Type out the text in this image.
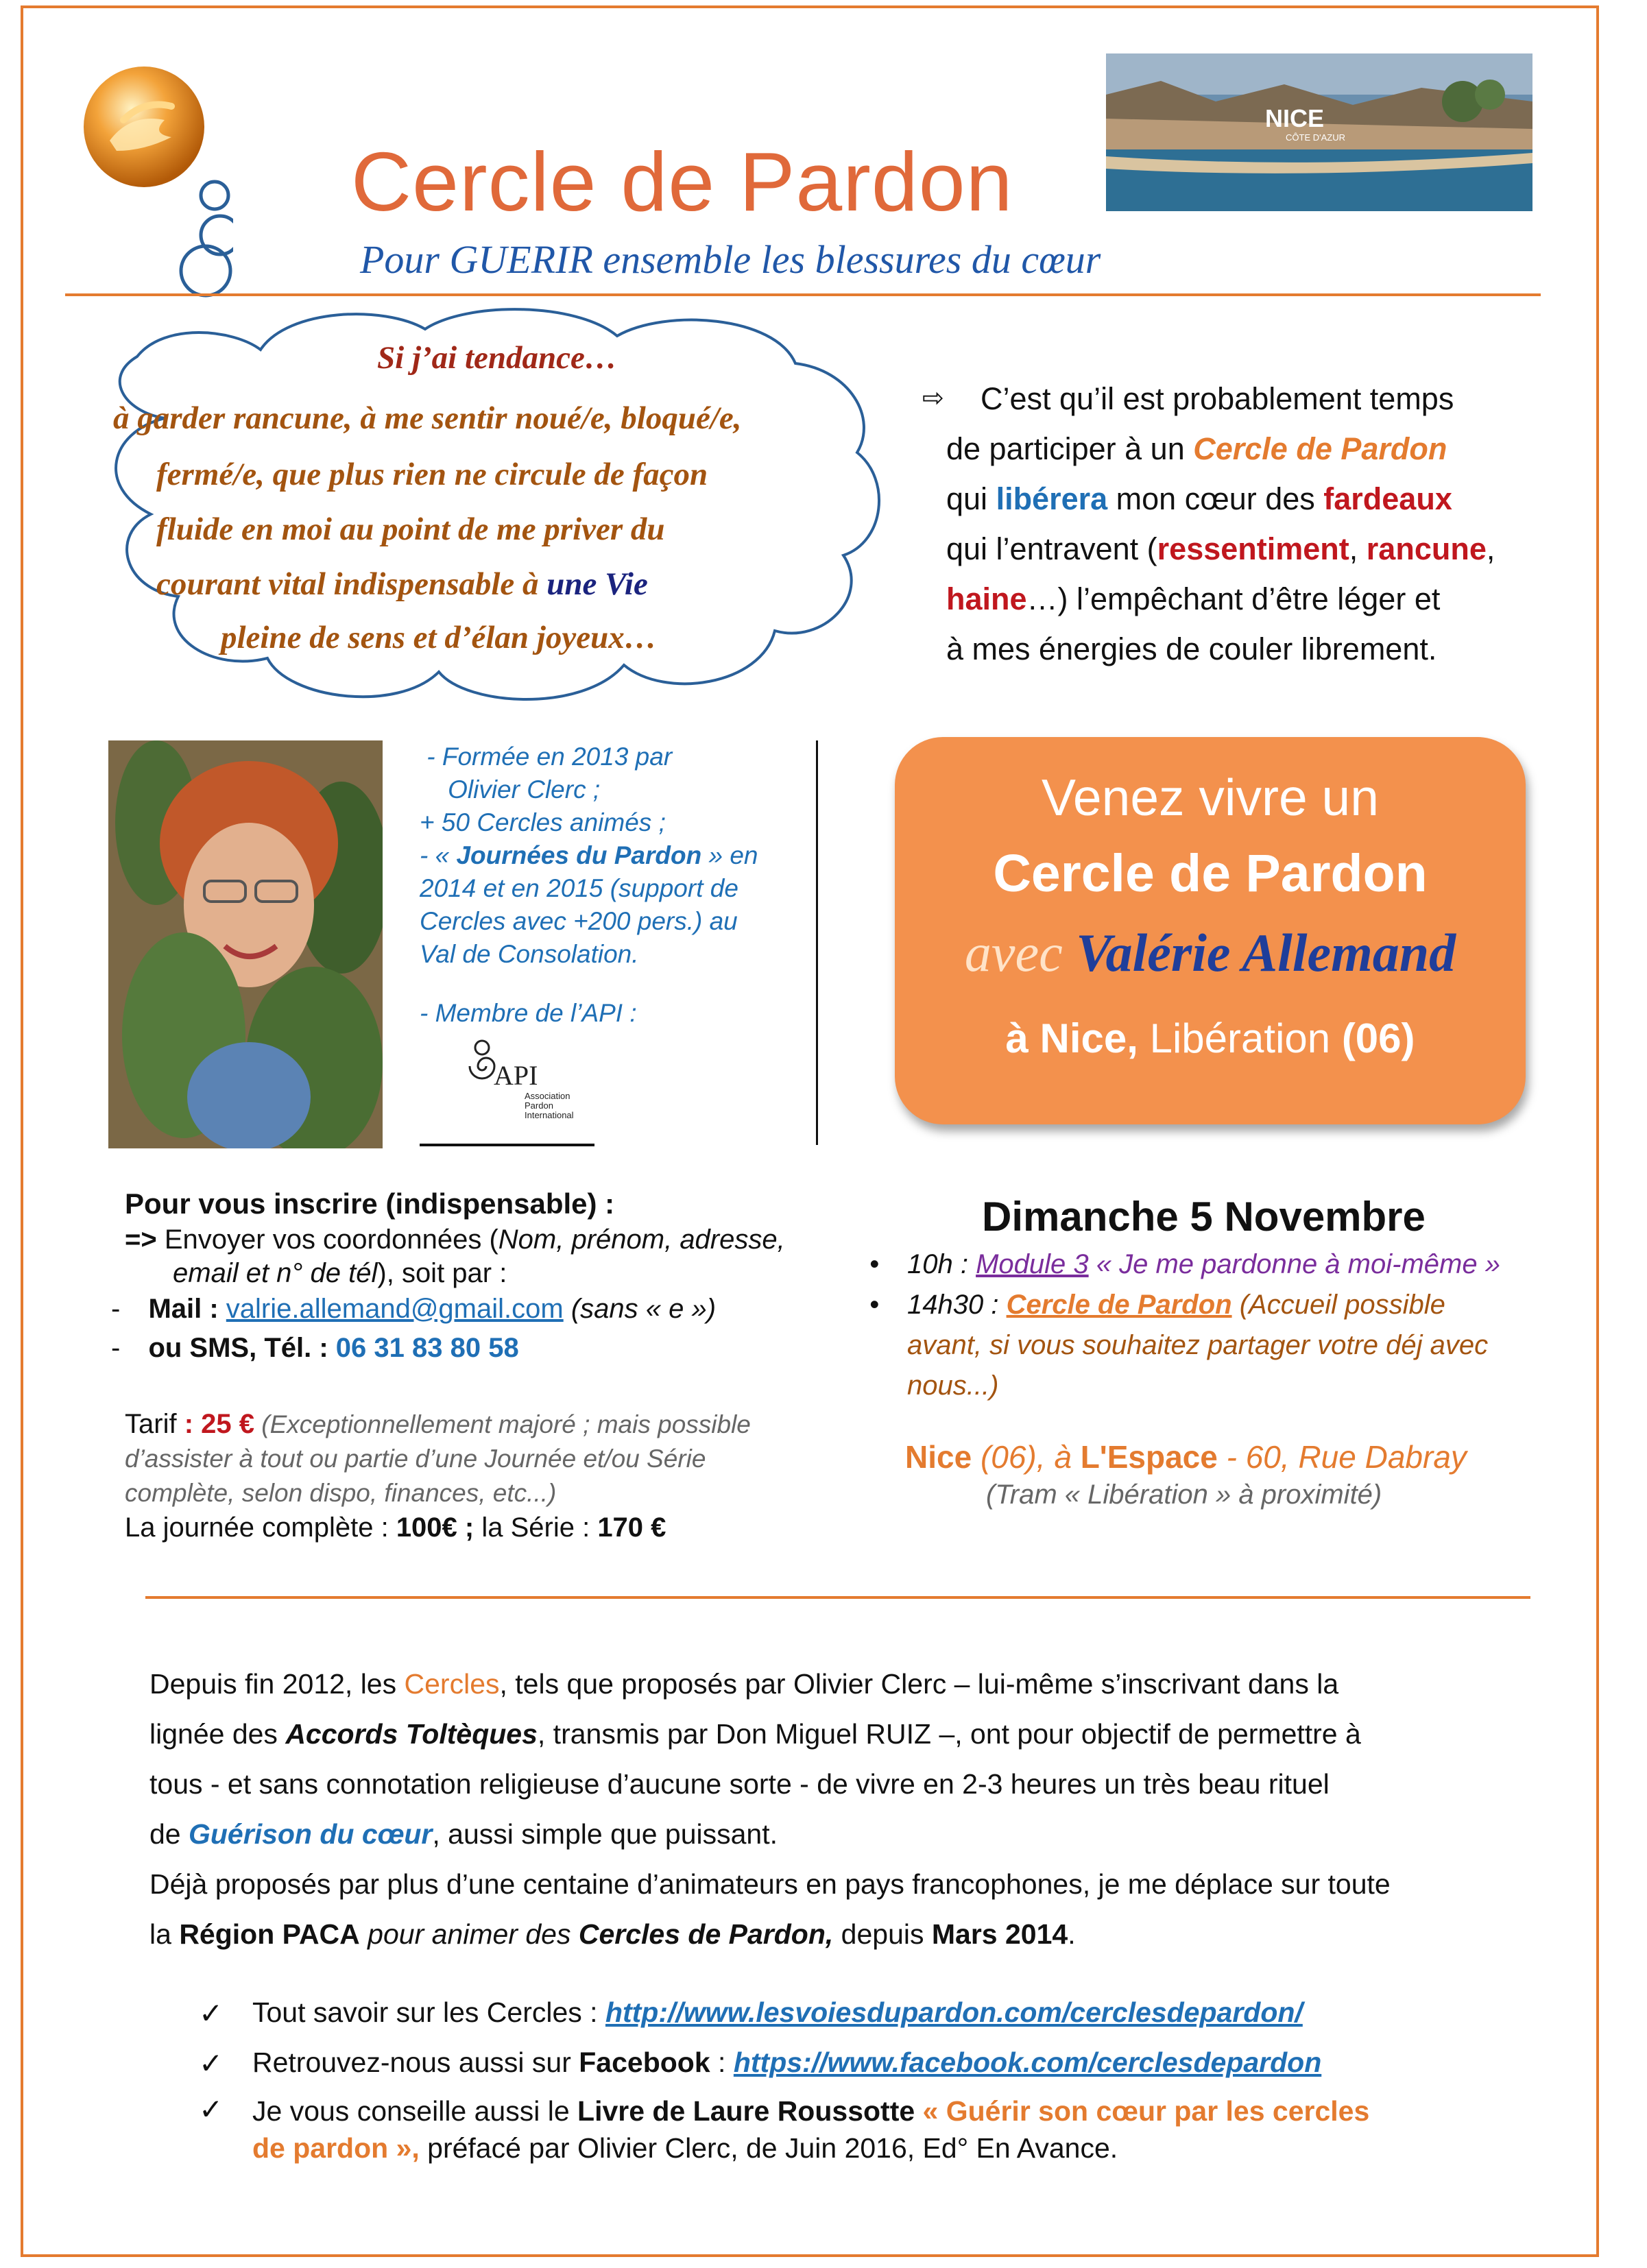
Cercle de Pardon
Pour GUERIR ensemble les blessures du cœur
NICE
CÔTE D'AZUR
Si j’ai tendance…
à garder rancune, à me sentir noué/e, bloqué/e,
fermé/e, que plus rien ne circule de façon
fluide en moi au point de me priver du
courant vital indispensable à une Vie
pleine de sens et d’élan joyeux…
⇨	C’est qu’il est probablement temps
de participer à un Cercle de Pardon
qui libérera mon cœur des fardeaux
qui l’entravent (ressentiment, rancune,
haine…) l’empêchant d’être léger et
à mes énergies de couler librement.
- Formée en 2013 par
Olivier Clerc ;
+ 50 Cercles animés ;
- « Journées du Pardon » en
2014 et en 2015 (support de
Cercles avec +200 pers.) au
Val de Consolation.
- Membre de l’API :
API
Association
Pardon
International
Venez vivre un
Cercle de Pardon
avec Valérie Allemand
à Nice, Libération (06)
Pour vous inscrire (indispensable) :
=> Envoyer vos coordonnées (Nom, prénom, adresse,
email et n° de tél), soit par :
- Mail : valrie.allemand@gmail.com (sans « e »)
- ou SMS, Tél. : 06 31 83 80 58
Tarif : 25 € (Exceptionnellement majoré ; mais possible
d’assister à tout ou partie d’une Journée et/ou Série
complète, selon dispo, finances, etc...)
La journée complète : 100€ ; la Série : 170 €
Dimanche 5 Novembre
• 10h : Module 3 « Je me pardonne à moi-même »
• 14h30 : Cercle de Pardon (Accueil possible
avant, si vous souhaitez partager votre déj avec
nous...)
Nice (06), à L'Espace - 60, Rue Dabray
(Tram « Libération » à proximité)
Depuis fin 2012, les Cercles, tels que proposés par Olivier Clerc – lui-même s’inscrivant dans la
lignée des Accords Toltèques, transmis par Don Miguel RUIZ –, ont pour objectif de permettre à
tous - et sans connotation religieuse d’aucune sorte - de vivre en 2-3 heures un très beau rituel
de Guérison du cœur, aussi simple que puissant.
Déjà proposés par plus d’une centaine d’animateurs en pays francophones, je me déplace sur toute
la Région PACA pour animer des Cercles de Pardon, depuis Mars 2014.
✓ Tout savoir sur les Cercles : http://www.lesvoiesdupardon.com/cerclesdepardon/
✓ Retrouvez-nous aussi sur Facebook : https://www.facebook.com/cerclesdepardon
✓ Je vous conseille aussi le Livre de Laure Roussotte « Guérir son cœur par les cercles
de pardon », préfacé par Olivier Clerc, de Juin 2016, Ed° En Avance.
